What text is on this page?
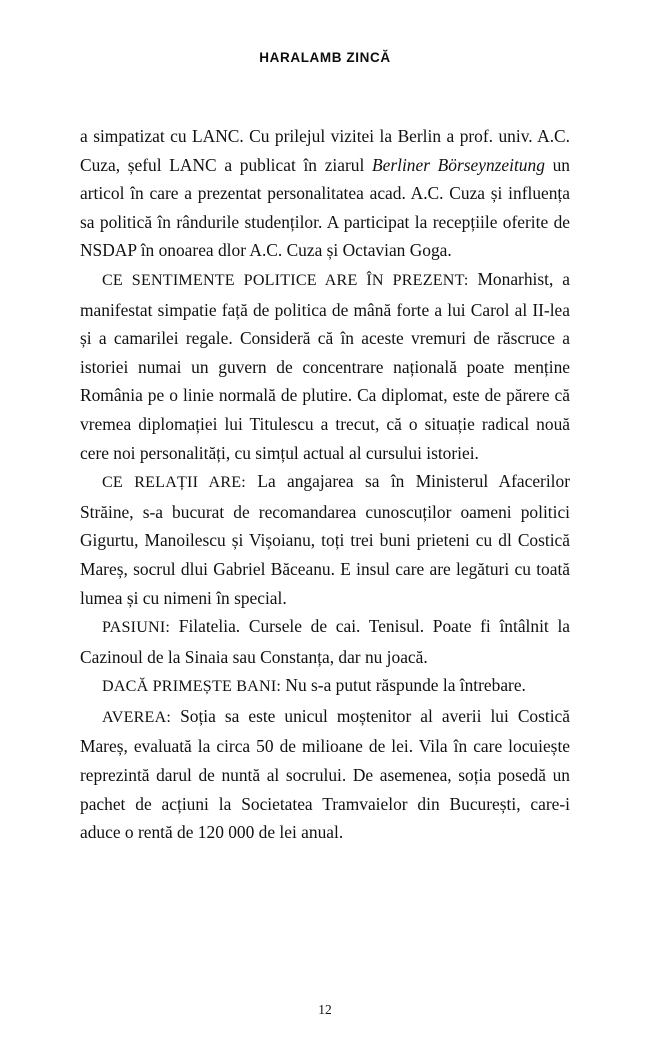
HARALAMB ZINCĂ

a simpatizat cu LANC. Cu prilejul vizitei la Berlin a prof. univ. A.C. Cuza, șeful LANC a publicat în ziarul Berliner Börseynzeitung un articol în care a prezentat personalitatea acad. A.C. Cuza și influența sa politică în rândurile studenților. A participat la recepțiile oferite de NSDAP în onoarea dlor A.C. Cuza și Octavian Goga.

CE SENTIMENTE POLITICE ARE ÎN PREZENT: Monarhist, a manifestat simpatie față de politica de mână forte a lui Carol al II-lea și a camarilei regale. Consideră că în aceste vremuri de răscruce a istoriei numai un guvern de concentrare națională poate menține România pe o linie normală de plutire. Ca diplomat, este de părere că vremea diplomației lui Titulescu a trecut, că o situație radical nouă cere noi personalități, cu simțul actual al cursului istoriei.

CE RELAȚII ARE: La angajarea sa în Ministerul Afacerilor Străine, s-a bucurat de recomandarea cunoscuților oameni politici Gigurtu, Manoilescu și Vișoianu, toți trei buni prieteni cu dl Costică Mareș, socrul dlui Gabriel Băceanu. E insul care are legături cu toată lumea și cu nimeni în special.

PASIUNI: Filatelia. Cursele de cai. Tenisul. Poate fi întâlnit la Cazinoul de la Sinaia sau Constanța, dar nu joacă.

DACĂ PRIMEȘTE BANI: Nu s-a putut răspunde la întrebare.

AVEREA: Soția sa este unicul moștenitor al averii lui Costică Mareș, evaluată la circa 50 de milioane de lei. Vila în care locuiește reprezintă darul de nuntă al socrului. De asemenea, soția posedă un pachet de acțiuni la Societatea Tramvaielor din București, care-i aduce o rentă de 120 000 de lei anual.

12
